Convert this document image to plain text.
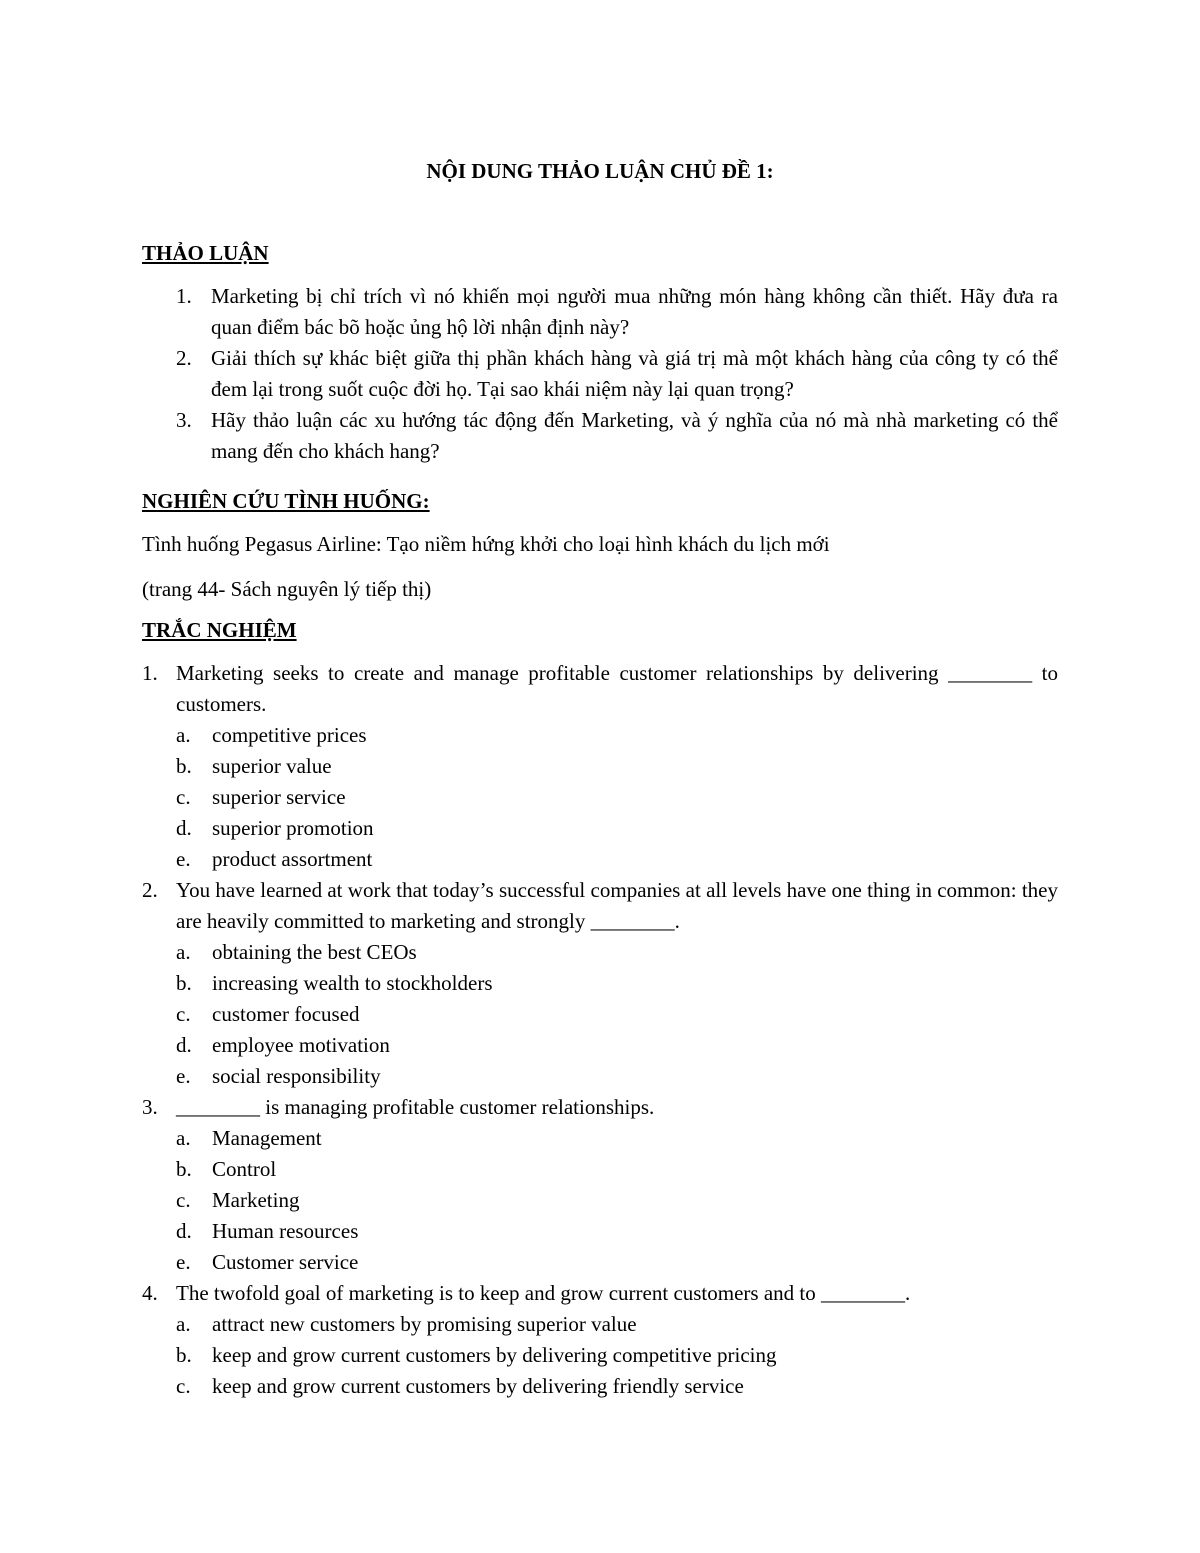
NỘI DUNG THẢO LUẬN CHỦ ĐỀ 1:
THẢO LUẬN
1. Marketing bị chỉ trích vì nó khiến mọi người mua những món hàng không cần thiết. Hãy đưa ra quan điểm bác bõ hoặc ủng hộ lời nhận định này?
2. Giải thích sự khác biệt giữa thị phần khách hàng và giá trị mà một khách hàng của công ty có thể đem lại trong suốt cuộc đời họ. Tại sao khái niệm này lại quan trọng?
3. Hãy thảo luận các xu hướng tác động đến Marketing, và ý nghĩa của nó mà nhà marketing có thể mang đến cho khách hang?
NGHIÊN CỨU TÌNH HUỐNG:
Tình huống Pegasus Airline: Tạo niềm hứng khởi cho loại hình khách du lịch mới
(trang 44- Sách nguyên lý tiếp thị)
TRẮC NGHIỆM
1. Marketing seeks to create and manage profitable customer relationships by delivering ________ to customers.
a.	competitive prices
b. superior value
c.	superior service
d. superior promotion
e.	product assortment
2. You have learned at work that today’s successful companies at all levels have one thing in common: they are heavily committed to marketing and strongly ________.
a.	obtaining the best CEOs
b. increasing wealth to stockholders
c.	customer focused
d. employee motivation
e.	social responsibility
3. ________ is managing profitable customer relationships.
a.	Management
b. Control
c.	Marketing
d. Human resources
e.	Customer service
4. The twofold goal of marketing is to keep and grow current customers and to ________.
a.	attract new customers by promising superior value
b. keep and grow current customers by delivering competitive pricing
c.	keep and grow current customers by delivering friendly service
